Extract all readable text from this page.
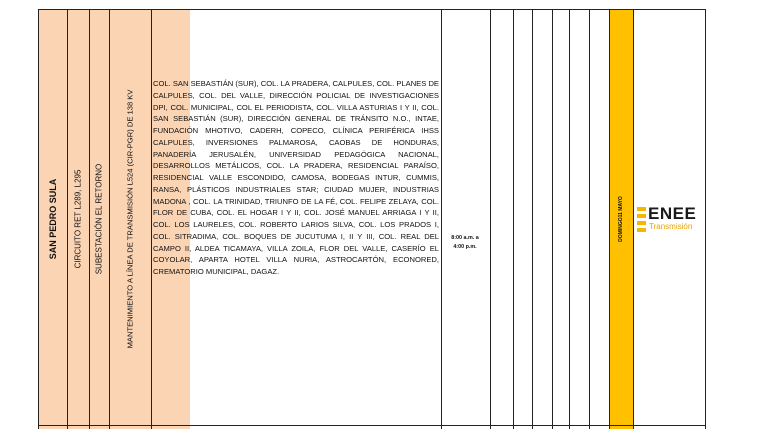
SAN PEDRO SULA CIRCUITO RET L289, L295 SUBESTACIÓN EL RETORNO	MANTENIMIENTO A LÍNEA DE TRANSMISIÓN L524 (CIR-PGR) DE 138 KV
COL. SAN SEBASTIÁN (SUR), COL. LA PRADERA, CALPULES, COL. PLANES DE CALPULES, COL. DEL VALLE, DIRECCIÓN POLICIAL DE INVESTIGACIONES DPI, COL. MUNICIPAL, COL EL PERIODISTA, COL. VILLA ASTURIAS I Y II, COL. SAN SEBASTIÁN (SUR), DIRECCIÓN GENERAL DE TRÁNSITO N.O., INTAE, FUNDACIÓN MHOTIVO, CADERH, COPECO, CLÍNICA PERIFÉRICA IHSS CALPULES, INVERSIONES PALMAROSA, CAOBAS DE HONDURAS, PANADERÍA JERUSALÉN, UNIVERSIDAD PEDAGÓGICA NACIONAL, DESARROLLOS METÁLICOS, COL. LA PRADERA, RESIDENCIAL PARAÍSO, RESIDENCIAL VALLE ESCONDIDO, CAMOSA, BODEGAS INTUR, CUMMIS, RANSA, PLÁSTICOS INDUSTRIALES STAR; CIUDAD MUJER, INDUSTRIAS MADONA , COL. LA TRINIDAD, TRIUNFO DE LA FÉ, COL. FELIPE ZELAYA, COL. FLOR DE CUBA, COL. EL HOGAR I Y II, COL. JOSÉ MANUEL ARRIAGA I Y II, COL. LOS LAURELES, COL. ROBERTO LARIOS SILVA, COL. LOS PRADOS I, COL. SITRADIMA, COL. BOQUES DE JUCUTUMA I, II Y III, COL. REAL DEL CAMPO II, ALDEA TICAMAYA, VILLA ZOILA, FLOR DEL VALLE, CASERÍO EL COYOLAR, APARTA HOTEL VILLA NURIA, ASTROCARTÓN, ECONORED, CREMATORIO MUNICIPAL, DAGAZ.
8:00 a.m. a
4:00 p.m.
DOMINGO11 MAYO ENEE
Transmisión
